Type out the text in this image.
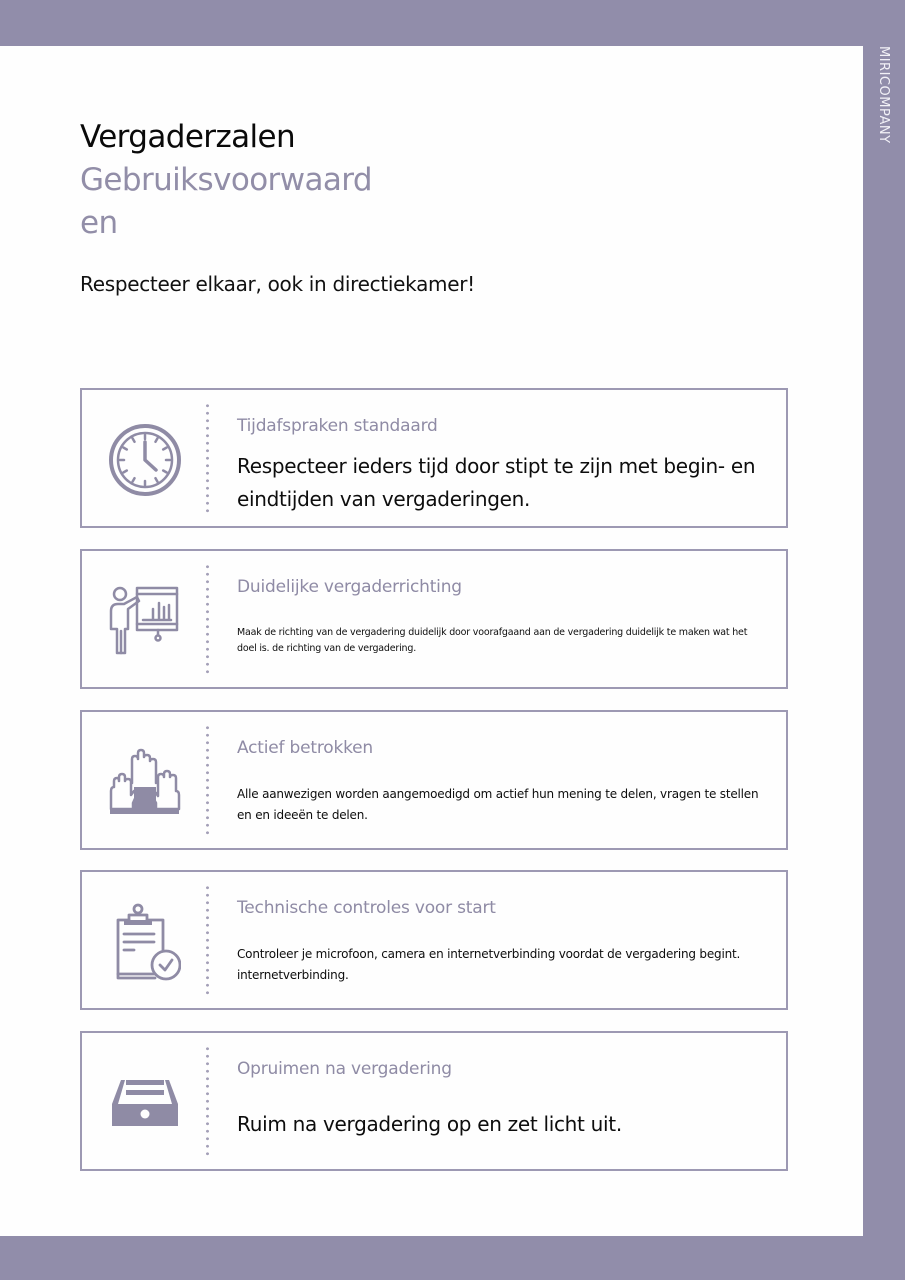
MIRICOMPANY
Vergaderzalen
Gebruiksvoorwaarden
Respecteer elkaar, ook in directiekamer!
Tijdafspraken standaard
Respecteer ieders tijd door stipt te zijn met begin- en eindtijden van vergaderingen.
Duidelijke vergaderrichting
Maak de richting van de vergadering duidelijk door voorafgaand aan de vergadering duidelijk te maken wat het doel is. de richting van de vergadering.
Actief betrokken
Alle aanwezigen worden aangemoedigd om actief hun mening te delen, vragen te stellen en en ideeën te delen.
Technische controles voor start
Controleer je microfoon, camera en internetverbinding voordat de vergadering begint. internetverbinding.
Opruimen na vergadering
Ruim na vergadering op en zet licht uit.
